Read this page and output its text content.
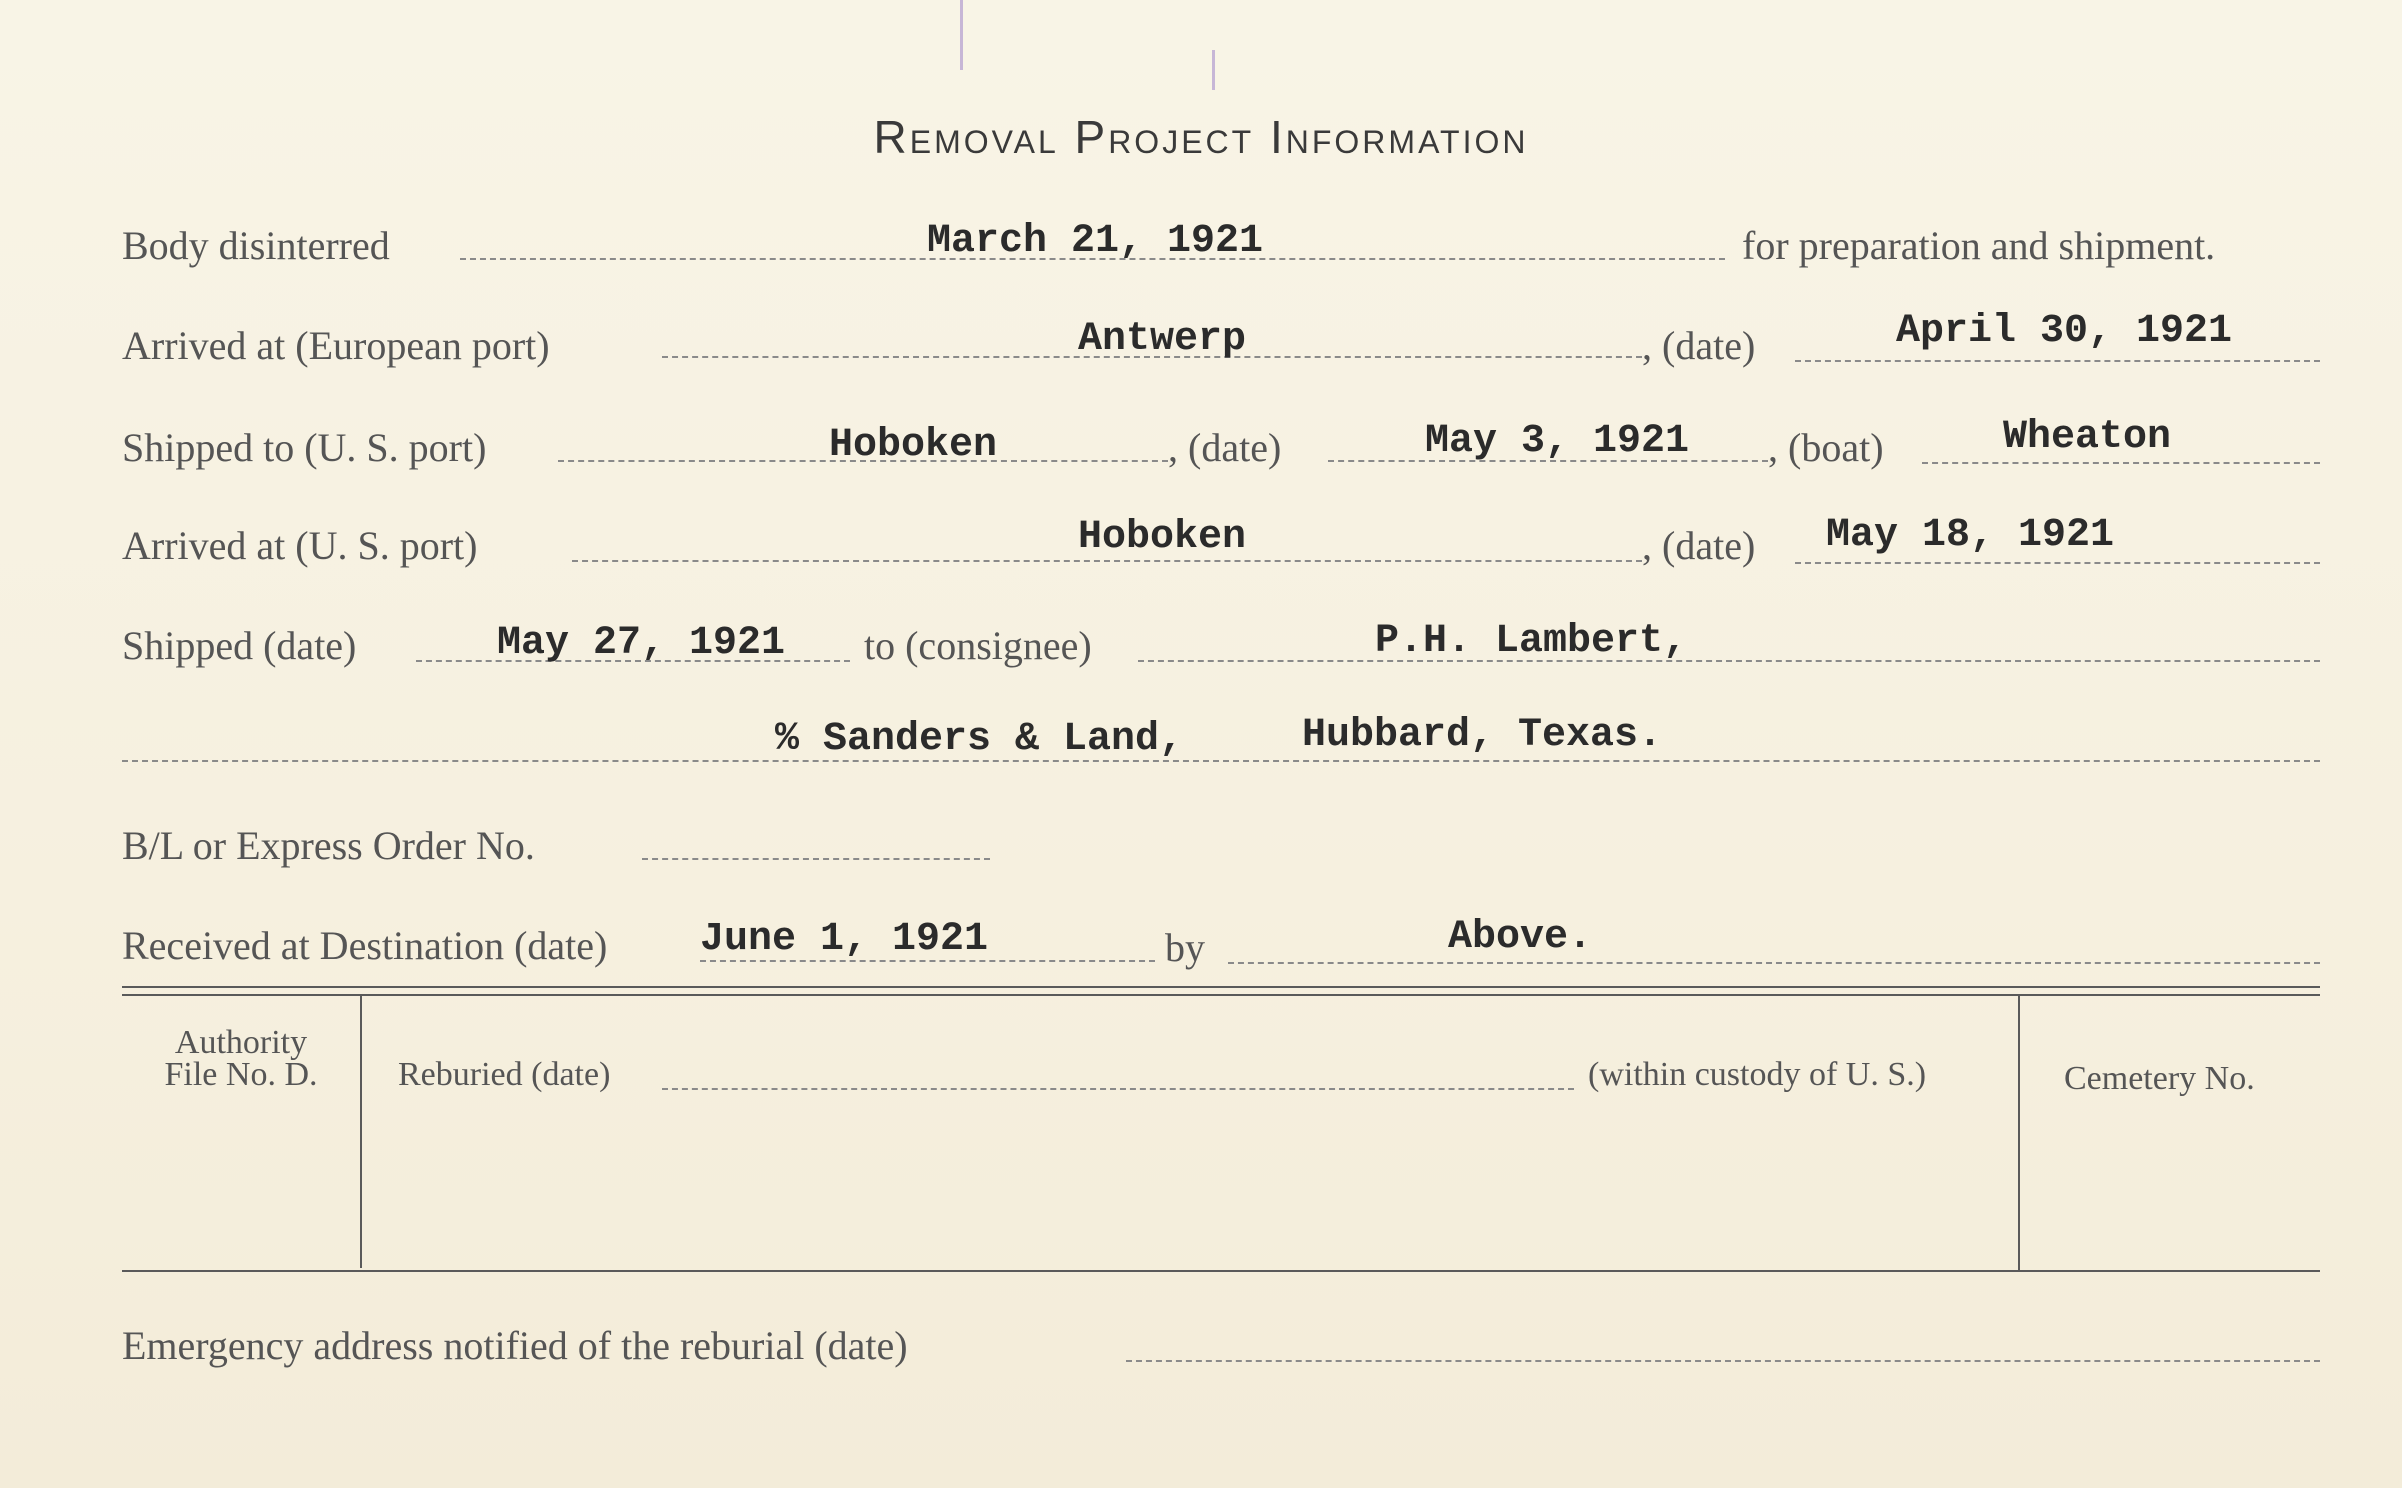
Removal Project Information
Body disinterred	March 21, 1921	for preparation and shipment.
Arrived at (European port)	Antwerp	, (date)	April 30, 1921
Shipped to (U. S. port)	Hoboken	, (date)	May 3, 1921 , (boat)	Wheaton
Arrived at (U. S. port)	Hoboken	, (date) May 18, 1921
Shipped (date)	May 27, 1921 to (consignee)	P.H. Lambert,
% Sanders & Land,	Hubbard, Texas.
B/L or Express Order No.
Received at Destination (date) June 1, 1921	by	Above.
Authority
File No. D.	Reburied (date)	(within custody of U. S.)	Cemetery No.
Emergency address notified of the reburial (date)
